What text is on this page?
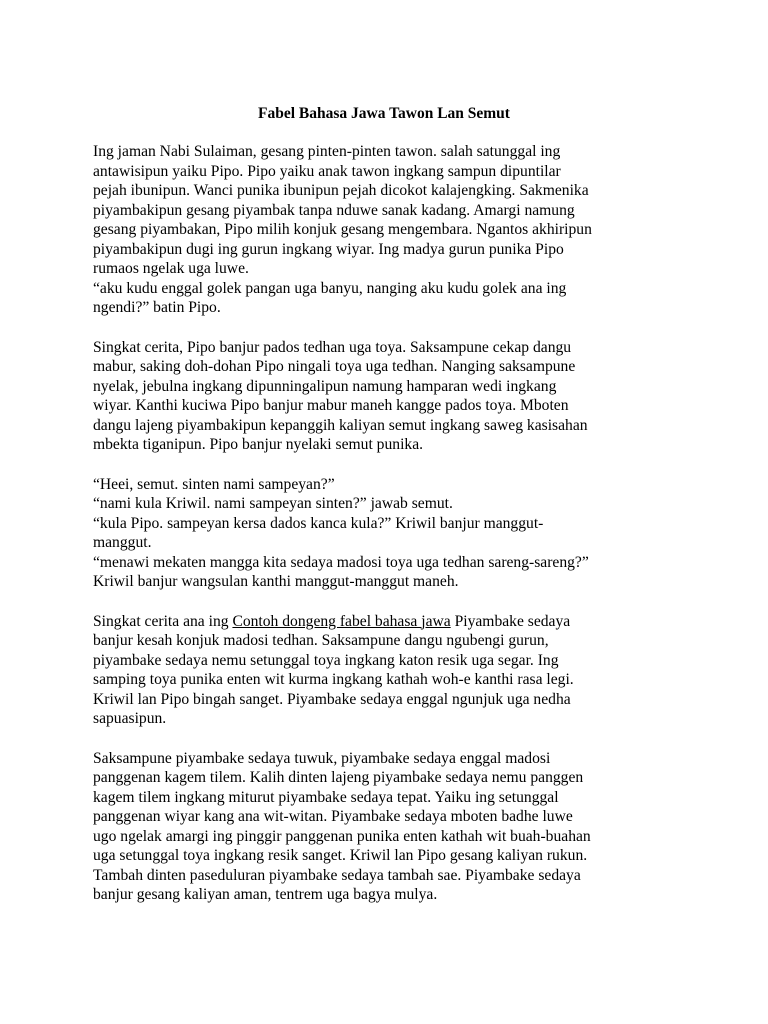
Fabel Bahasa Jawa Tawon Lan Semut

Ing jaman Nabi Sulaiman, gesang pinten-pinten tawon. salah satunggal ing
antawisipun yaiku Pipo. Pipo yaiku anak tawon ingkang sampun dipuntilar
pejah ibunipun. Wanci punika ibunipun pejah dicokot kalajengking. Sakmenika
piyambakipun gesang piyambak tanpa nduwe sanak kadang. Amargi namung
gesang piyambakan, Pipo milih konjuk gesang mengembara. Ngantos akhiripun
piyambakipun dugi ing gurun ingkang wiyar. Ing madya gurun punika Pipo
rumaos ngelak uga luwe.
“aku kudu enggal golek pangan uga banyu, nanging aku kudu golek ana ing
ngendi?” batin Pipo.

Singkat cerita, Pipo banjur pados tedhan uga toya. Saksampune cekap dangu
mabur, saking doh-dohan Pipo ningali toya uga tedhan. Nanging saksampune
nyelak, jebulna ingkang dipunningalipun namung hamparan wedi ingkang
wiyar. Kanthi kuciwa Pipo banjur mabur maneh kangge pados toya. Mboten
dangu lajeng piyambakipun kepanggih kaliyan semut ingkang saweg kasisahan
mbekta tiganipun. Pipo banjur nyelaki semut punika.

“Heei, semut. sinten nami sampeyan?”
“nami kula Kriwil. nami sampeyan sinten?” jawab semut.
“kula Pipo. sampeyan kersa dados kanca kula?” Kriwil banjur manggut-
manggut.
“menawi mekaten mangga kita sedaya madosi toya uga tedhan sareng-sareng?”
Kriwil banjur wangsulan kanthi manggut-manggut maneh.

Singkat cerita ana ing Contoh dongeng fabel bahasa jawa Piyambake sedaya
banjur kesah konjuk madosi tedhan. Saksampune dangu ngubengi gurun,
piyambake sedaya nemu setunggal toya ingkang katon resik uga segar. Ing
samping toya punika enten wit kurma ingkang kathah woh-e kanthi rasa legi.
Kriwil lan Pipo bingah sanget. Piyambake sedaya enggal ngunjuk uga nedha
sapuasipun.

Saksampune piyambake sedaya tuwuk, piyambake sedaya enggal madosi
panggenan kagem tilem. Kalih dinten lajeng piyambake sedaya nemu panggen
kagem tilem ingkang miturut piyambake sedaya tepat. Yaiku ing setunggal
panggenan wiyar kang ana wit-witan. Piyambake sedaya mboten badhe luwe
ugo ngelak amargi ing pinggir panggenan punika enten kathah wit buah-buahan
uga setunggal toya ingkang resik sanget. Kriwil lan Pipo gesang kaliyan rukun.
Tambah dinten paseduluran piyambake sedaya tambah sae. Piyambake sedaya
banjur gesang kaliyan aman, tentrem uga bagya mulya.
